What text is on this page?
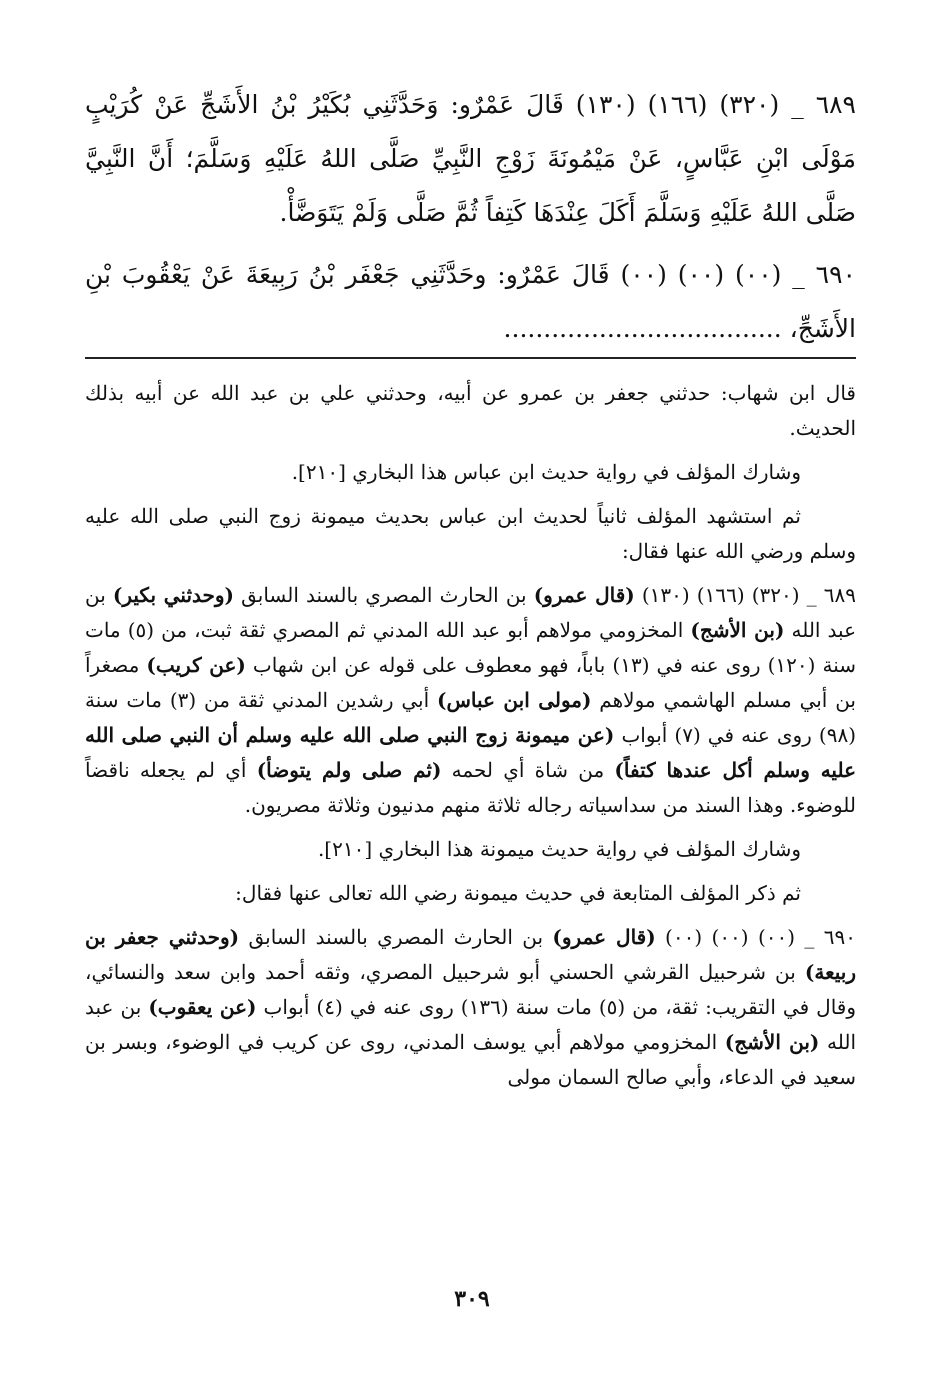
٦٨٩ _ (٣٢٠) (١٦٦) (١٣٠) قَالَ عَمْرٌو: وَحَدَّثَنِي بُكَيْرُ بْنُ الأَشَجِّ عَنْ كُرَيْبٍ مَوْلَى ابْنِ عَبَّاسٍ، عَنْ مَيْمُونَةَ زَوْجِ النَّبِيِّ صَلَّى اللهُ عَلَيْهِ وَسَلَّمَ؛ أَنَّ النَّبِيَّ صَلَّى اللهُ عَلَيْهِ وَسَلَّمَ أَكَلَ عِنْدَهَا كَتِفاً ثُمَّ صَلَّى وَلَمْ يَتَوَضَّأْ.

٦٩٠ _ (٠٠) (٠٠) (٠٠) قَالَ عَمْرٌو: وحَدَّثَنِي جَعْفَر بْنُ رَبِيعَةَ عَنْ يَعْقُوبَ بْنِ الأَشَجِّ، ...................................

قال ابن شهاب: حدثني جعفر بن عمرو عن أبيه، وحدثني علي بن عبد الله عن أبيه بذلك الحديث.

وشارك المؤلف في رواية حديث ابن عباس هذا البخاري [٢١٠].

ثم استشهد المؤلف ثانياً لحديث ابن عباس بحديث ميمونة زوج النبي صلى الله عليه وسلم ورضي الله عنها فقال:

٦٨٩ _ (٣٢٠) (١٦٦) (١٣٠) (قال عمرو) بن الحارث المصري بالسند السابق (وحدثني بكير) بن عبد الله (بن الأشج) المخزومي مولاهم أبو عبد الله المدني ثم المصري ثقة ثبت، من (٥) مات سنة (١٢٠) روى عنه في (١٣) باباً، فهو معطوف على قوله عن ابن شهاب (عن كريب) مصغراً بن أبي مسلم الهاشمي مولاهم (مولى ابن عباس) أبي رشدين المدني ثقة من (٣) مات سنة (٩٨) روى عنه في (٧) أبواب (عن ميمونة زوج النبي صلى الله عليه وسلم أن النبي صلى الله عليه وسلم أكل عندها كتفاً) من شاة أي لحمه (ثم صلى ولم يتوضأ) أي لم يجعله ناقضاً للوضوء. وهذا السند من سداسياته رجاله ثلاثة منهم مدنيون وثلاثة مصريون.

وشارك المؤلف في رواية حديث ميمونة هذا البخاري [٢١٠].

ثم ذكر المؤلف المتابعة في حديث ميمونة رضي الله تعالى عنها فقال:

٦٩٠ _ (٠٠) (٠٠) (٠٠) (قال عمرو) بن الحارث المصري بالسند السابق (وحدثني جعفر بن ربيعة) بن شرحبيل القرشي الحسني أبو شرحبيل المصري، وثقه أحمد وابن سعد والنسائي، وقال في التقريب: ثقة، من (٥) مات سنة (١٣٦) روى عنه في (٤) أبواب (عن يعقوب) بن عبد الله (بن الأشج) المخزومي مولاهم أبي يوسف المدني، روى عن كريب في الوضوء، وبسر بن سعيد في الدعاء، وأبي صالح السمان مولى

٣٠٩
